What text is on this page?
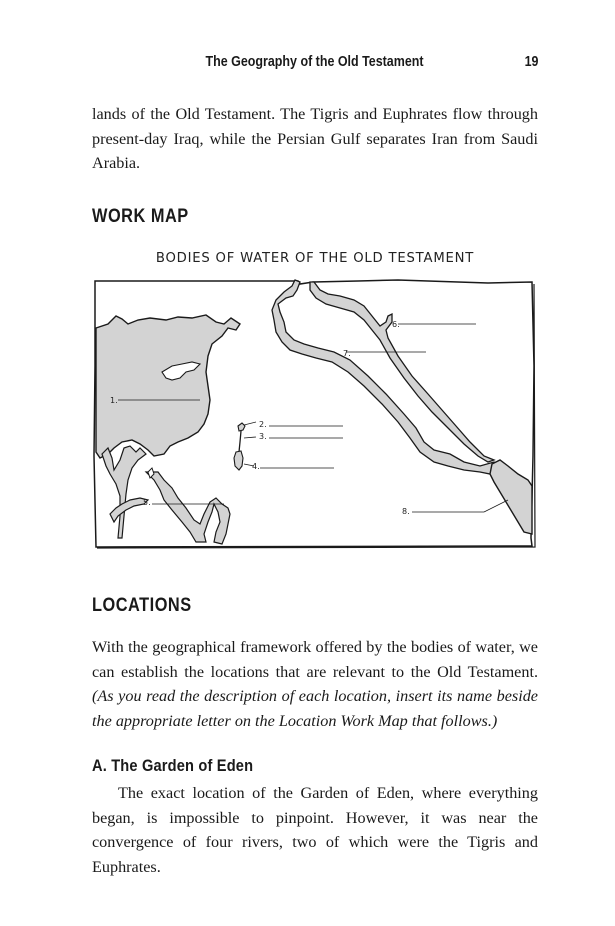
The Geography of the Old Testament	19

lands of the Old Testament. The Tigris and Euphrates flow through present-day Iraq, while the Persian Gulf separates Iran from Saudi Arabia.

WORK MAP
BODIES OF WATER OF THE OLD TESTAMENT
1.
2.
3.
4.
5.
6.
7.
8.
LOCATIONS

With the geographical framework offered by the bodies of water, we can establish the locations that are relevant to the Old Testament. (As you read the description of each location, insert its name beside the appropriate letter on the Location Work Map that follows.)

A. The Garden of Eden

The exact location of the Garden of Eden, where everything began, is impossible to pinpoint. However, it was near the convergence of four rivers, two of which were the Tigris and Euphrates.
